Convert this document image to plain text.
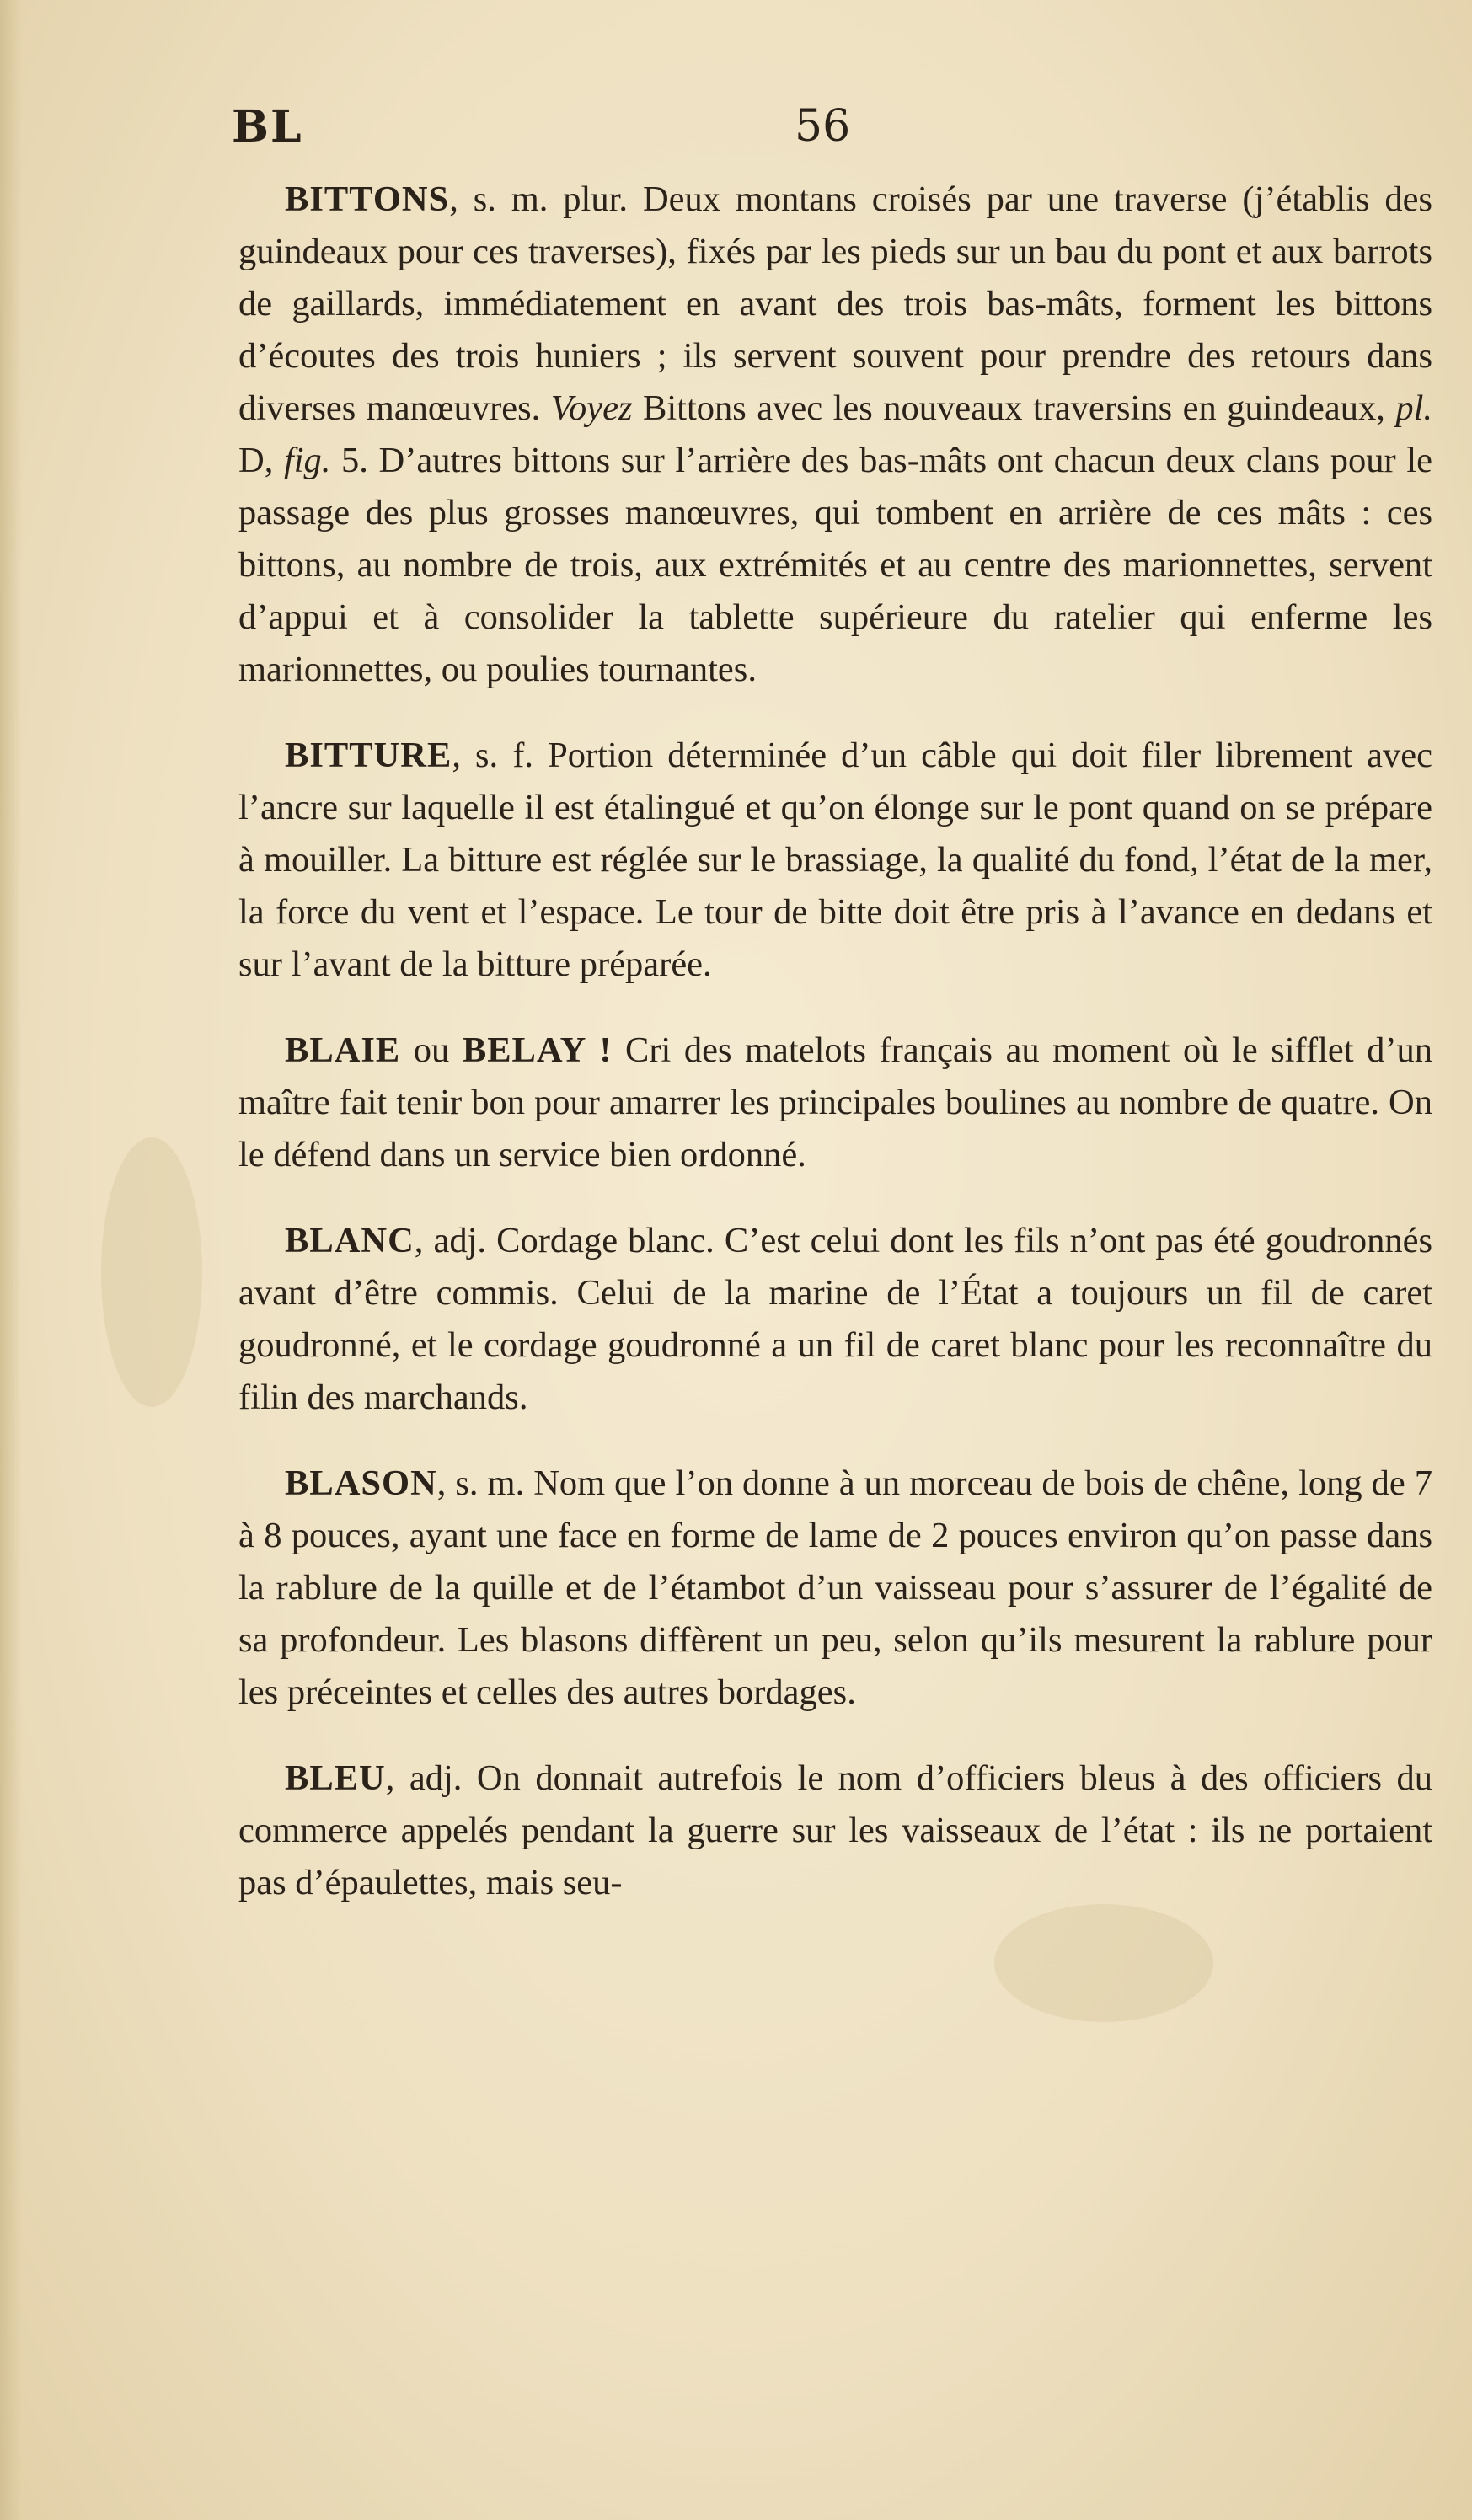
BL	56

BITTONS, s. m. plur. Deux montans croisés par une traverse (j’établis des guindeaux pour ces traverses), fixés par les pieds sur un bau du pont et aux barrots de gaillards, immédiatement en avant des trois bas-mâts, forment les bittons d’écoutes des trois huniers ; ils servent souvent pour prendre des retours dans diverses manœuvres. Voyez Bittons avec les nouveaux traversins en guindeaux, pl. D, fig. 5. D’autres bittons sur l’arrière des bas-mâts ont chacun deux clans pour le passage des plus grosses manœuvres, qui tombent en arrière de ces mâts : ces bittons, au nombre de trois, aux extrémités et au centre des marionnettes, servent d’appui et à consolider la tablette supérieure du ratelier qui enferme les marionnettes, ou poulies tournantes.

BITTURE, s. f. Portion déterminée d’un câble qui doit filer librement avec l’ancre sur laquelle il est étalingué et qu’on élonge sur le pont quand on se prépare à mouiller. La bitture est réglée sur le brassiage, la qualité du fond, l’état de la mer, la force du vent et l’espace. Le tour de bitte doit être pris à l’avance en dedans et sur l’avant de la bitture préparée.

BLAIE ou BELAY ! Cri des matelots français au moment où le sifflet d’un maître fait tenir bon pour amarrer les principales boulines au nombre de quatre. On le défend dans un service bien ordonné.

BLANC, adj. Cordage blanc. C’est celui dont les fils n’ont pas été goudronnés avant d’être commis. Celui de la marine de l’État a toujours un fil de caret goudronné, et le cordage goudronné a un fil de caret blanc pour les reconnaître du filin des marchands.

BLASON, s. m. Nom que l’on donne à un morceau de bois de chêne, long de 7 à 8 pouces, ayant une face en forme de lame de 2 pouces environ qu’on passe dans la rablure de la quille et de l’étambot d’un vaisseau pour s’assurer de l’égalité de sa profondeur. Les blasons diffèrent un peu, selon qu’ils mesurent la rablure pour les préceintes et celles des autres bordages.

BLEU, adj. On donnait autrefois le nom d’officiers bleus à des officiers du commerce appelés pendant la guerre sur les vaisseaux de l’état : ils ne portaient pas d’épaulettes, mais seu-
